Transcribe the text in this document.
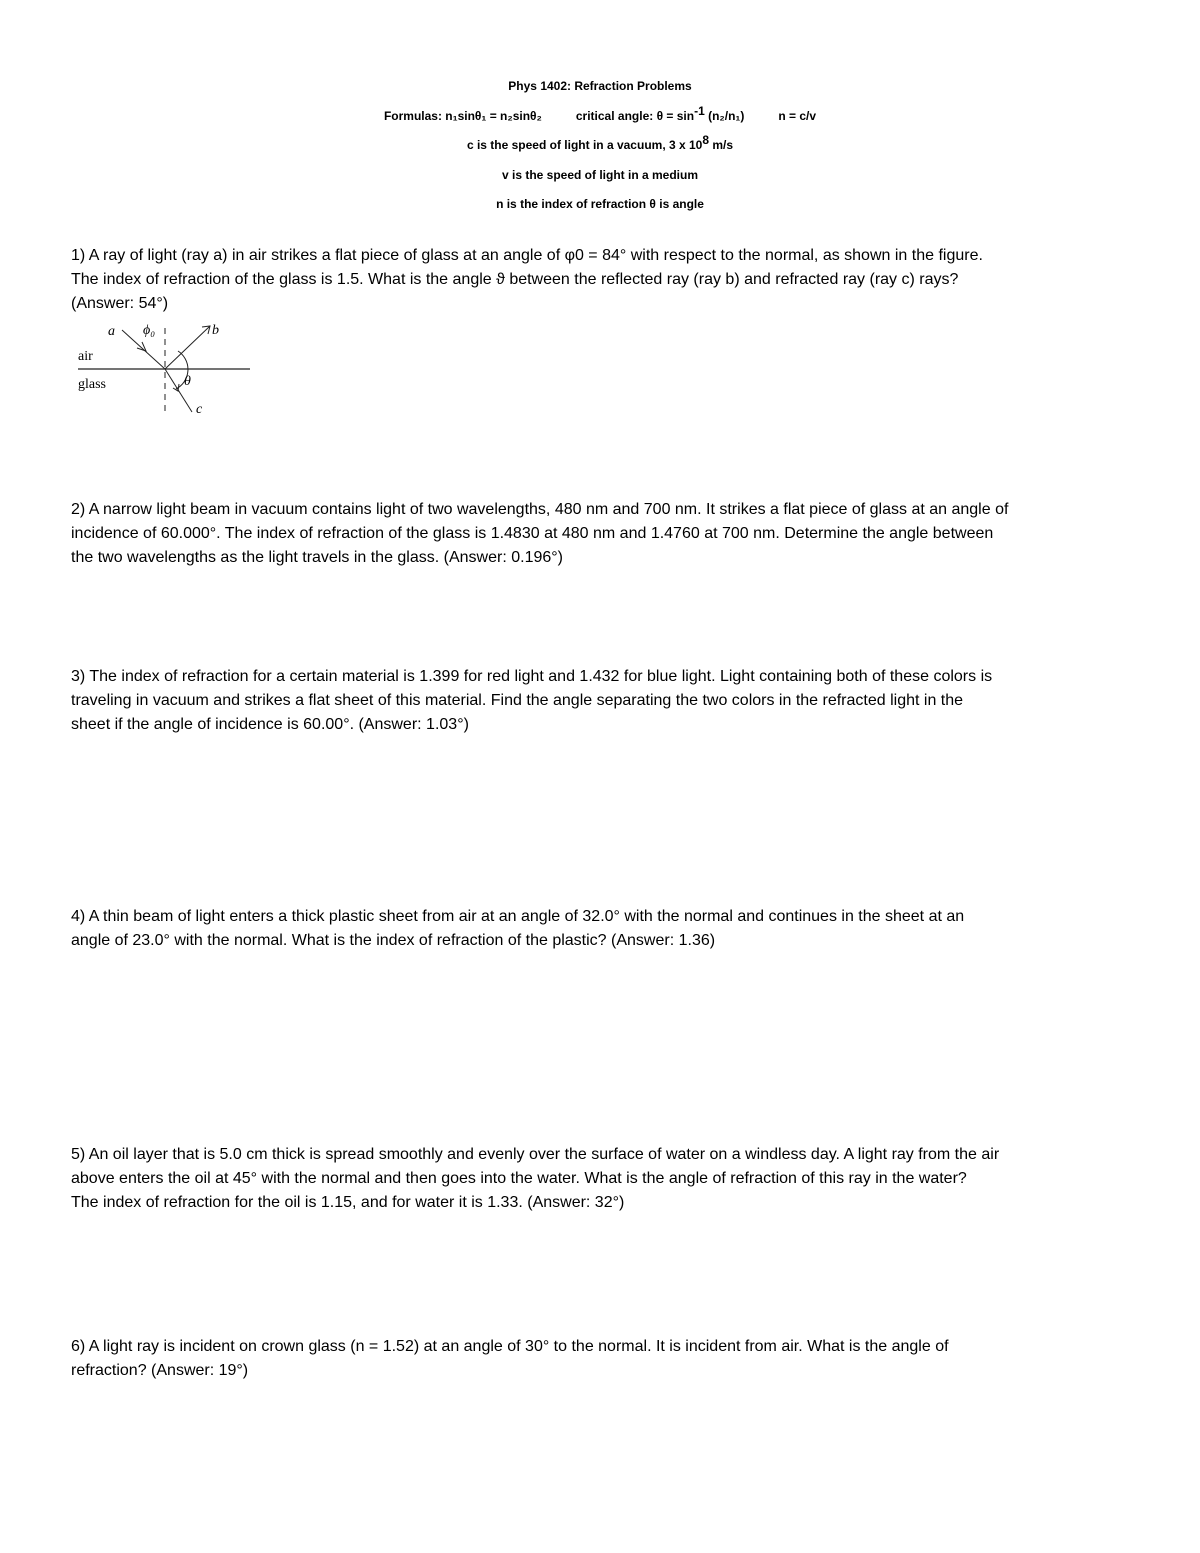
Phys 1402: Refraction Problems
Formulas: n₁sinθ₁ = n₂sinθ₂	critical angle: $\theta = \sin^{-1} (n_2/n_1)$	n = c/v
c is the speed of light in a vacuum, 3 x $10^8$ m/s
v is the speed of light in a medium
n is the index of refraction θ is angle
1) A ray of light (ray a) in air strikes a flat piece of glass at an angle of φ0 = 84° with respect to the normal, as shown in the figure.
The index of refraction of the glass is 1.5. What is the angle ϑ between the reflected ray (ray b) and refracted ray (ray c) rays?
(Answer: 54°)
a ϕ₀	b
air
glass	θ
c
2) A narrow light beam in vacuum contains light of two wavelengths, 480 nm and 700 nm. It strikes a flat piece of glass at an angle of
incidence of 60.000°. The index of refraction of the glass is 1.4830 at 480 nm and 1.4760 at 700 nm. Determine the angle between
the two wavelengths as the light travels in the glass. (Answer: 0.196°)
3) The index of refraction for a certain material is 1.399 for red light and 1.432 for blue light. Light containing both of these colors is
traveling in vacuum and strikes a flat sheet of this material. Find the angle separating the two colors in the refracted light in the
sheet if the angle of incidence is 60.00°. (Answer: 1.03°)
4) A thin beam of light enters a thick plastic sheet from air at an angle of 32.0° with the normal and continues in the sheet at an
angle of 23.0° with the normal. What is the index of refraction of the plastic? (Answer: 1.36)
5) An oil layer that is 5.0 cm thick is spread smoothly and evenly over the surface of water on a windless day. A light ray from the air
above enters the oil at 45° with the normal and then goes into the water. What is the angle of refraction of this ray in the water?
The index of refraction for the oil is 1.15, and for water it is 1.33. (Answer: 32°)
6) A light ray is incident on crown glass (n = 1.52) at an angle of 30° to the normal. It is incident from air. What is the angle of
refraction? (Answer: 19°)
